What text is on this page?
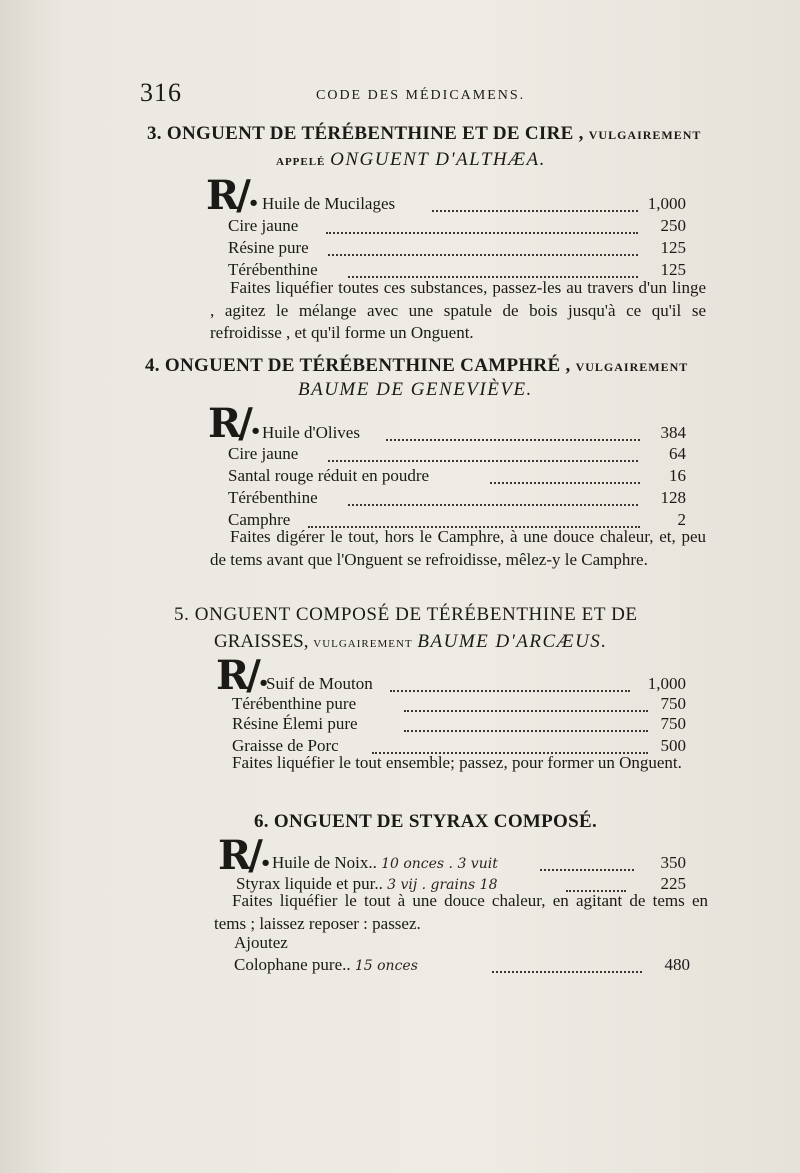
316	CODE DES MÉDICAMENS.
3. ONGUENT DE TÉRÉBENTHINE ET DE CIRE , VULGAIREMENT
APPELÉ ONGUENT D'ALTHÆA.
R/• Huile de Mucilages	1,000
Cire jaune	250
Résine pure	125
Térébenthine	125
Faites liquéfier toutes ces substances, passez-les au travers d'un linge , agitez le mélange avec une spatule de bois jusqu'à ce qu'il se refroidisse , et qu'il forme un Onguent.
4. ONGUENT DE TÉRÉBENTHINE CAMPHRÉ , VULGAIREMENT
BAUME DE GENEVIÈVE.
R/• Huile d'Olives	384
Cire jaune	64
Santal rouge réduit en poudre	16
Térébenthine	128
Camphre	2
Faites digérer le tout, hors le Camphre, à une douce chaleur, et, peu de tems avant que l'Onguent se refroidisse, mêlez-y le Camphre.
5. ONGUENT COMPOSÉ DE TÉRÉBENTHINE ET DE
GRAISSES, VULGAIREMENT BAUME D'ARCÆUS.
R/•
Suif de Mouton	1,000
Térébenthine pure	750
Résine Élemi pure	750
Graisse de Porc	500
Faites liquéfier le tout ensemble; passez, pour former un Onguent.
6. ONGUENT DE STYRAX COMPOSÉ.
R/• Huile de Noix.. 10 onces . 3 vuit	350
Styrax liquide et pur.. 3 vij . grains 18	225
Faites liquéfier le tout à une douce chaleur, en agitant de tems en tems ; laissez reposer : passez.
Ajoutez
Colophane pure.. 15 onces	480
